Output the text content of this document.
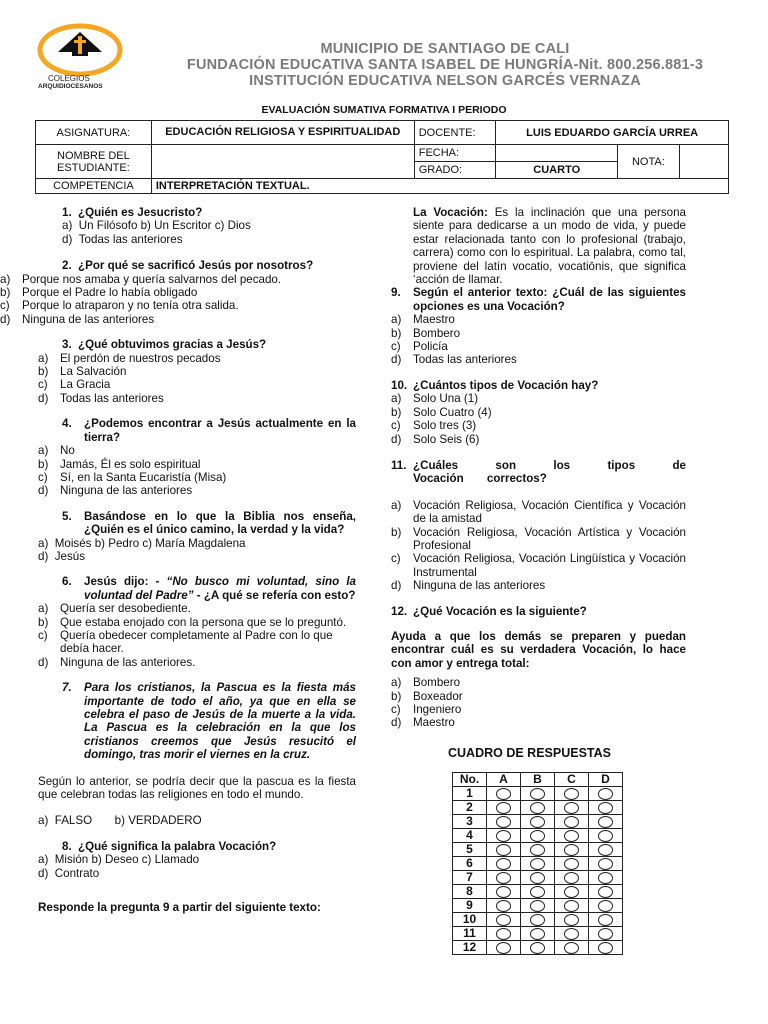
COLEGIOS
ARQUIDIOCESANOS
MUNICIPIO DE SANTIAGO DE CALI
FUNDACIÓN EDUCATIVA SANTA ISABEL DE HUNGRÍA-Nit. 800.256.881-3
INSTITUCIÓN EDUCATIVA NELSON GARCÉS VERNAZA
EVALUACIÓN SUMATIVA FORMATIVA I PERIODO
ASIGNATURA:	EDUCACIÓN RELIGIOSA Y ESPIRITUALIDAD	DOCENTE:	LUIS EDUARDO GARCÍA URREA		
NOMBRE DEL ESTUDIANTE:		FECHA:		NOTA:	
		GRADO:	CUARTO		
COMPETENCIA	INTERPRETACIÓN TEXTUAL.				
1. ¿Quién es Jesucristo?
a)  Un Filósofo b) Un Escritor c) Dios
d)  Todas las anteriores
2. ¿Por qué se sacrificó Jesús por nosotros?
a)	Porque nos amaba y quería salvarnos del pecado.
b)	Porque el Padre lo había obligado
c)	Porque lo atraparon y no tenía otra salida.
d)	Ninguna de las anteriores
3. ¿Qué obtuvimos gracias a Jesús?
a)	El perdón de nuestros pecados
b)	La Salvación
c)	La Gracia
d)	Todas las anteriores
4.	¿Podemos encontrar a Jesús actualmente en la tierra?
a)	No
b)	Jamás, Él es solo espiritual
c)	Sí, en la Santa Eucaristía (Misa)
d)	Ninguna de las anteriores
5.	Basándose en lo que la Biblia nos enseña, ¿Quién es el único camino, la verdad y la vida?
a)  Moisés b) Pedro c) María Magdalena
d)  Jesús
6.	Jesús dijo: - “No busco mi voluntad, sino la voluntad del Padre” - ¿A qué se refería con esto?
a)	Quería ser desobediente.
b)	Que estaba enojado con la persona que se lo preguntó.
c)	Quería obedecer completamente al Padre con lo que debía hacer.
d)	Ninguna de las anteriores.
7.	Para los cristianos, la Pascua es la fiesta más importante de todo el año, ya que en ella se celebra el paso de Jesús de la muerte a la vida. La Pascua es la celebración en la que los cristianos creemos que Jesús resucitó el domingo, tras morir el viernes en la cruz.

Según lo anterior, se podría decir que la pascua es la fiesta que celebran todas las religiones en todo el mundo.

a)  FALSO       b) VERDADERO
8. ¿Qué significa la palabra Vocación?
a)  Misión b) Deseo c) Llamado
d)  Contrato

Responde la pregunta 9 a partir del siguiente texto:

La Vocación: Es la inclinación que una persona siente para dedicarse a un modo de vida, y puede estar relacionada tanto con lo profesional (trabajo, carrera) como con lo espiritual. La palabra, como tal, proviene del latín vocatio, vocatiōnis, que significa ‘acción de llamar.

9.	Según el anterior texto: ¿Cuál de las siguientes opciones es una Vocación?
a)	Maestro
b)	Bombero
c)	Policía
d)	Todas las anteriores
10. ¿Cuántos tipos de Vocación hay?
a)	Solo Una (1)
b)	Solo Cuatro (4)
c)	Solo tres (3)
d)	Solo Seis (6)
11. ¿Cuáles son los tipos de Vocación correctos?
a)	Vocación Religiosa, Vocación Científica y Vocación de la amistad
b)	Vocación Religiosa, Vocación Artística y Vocación Profesional
c)	Vocación Religiosa, Vocación Lingüística y Vocación Instrumental
d)	Ninguna de las anteriores
12. ¿Qué Vocación es la siguiente?

Ayuda a que los demás se preparen y puedan encontrar cuál es su verdadera Vocación, lo hace con amor y entrega total:

a)	Bombero
b)	Boxeador
c)	Ingeniero
d)	Maestro
CUADRO DE RESPUESTAS
No.	A	B	C	D
1				
2				
3				
4				
5				
6				
7				
8				
9				
10				
11				
12				
